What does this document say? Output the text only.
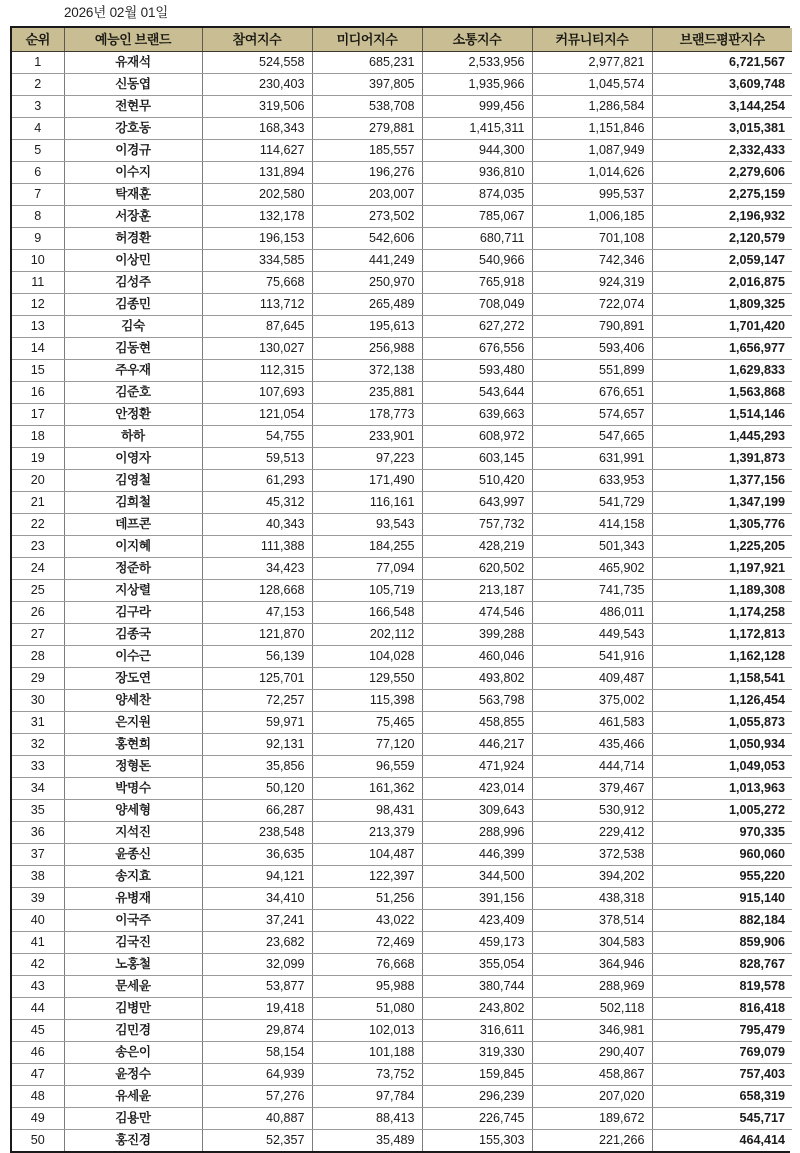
2026년 02월 01일
순위	예능인 브랜드	참여지수	미디어지수	소통지수	커뮤니티지수	브랜드평판지수
1	유재석	524,558	685,231	2,533,956	2,977,821	6,721,567
2	신동엽	230,403	397,805	1,935,966	1,045,574	3,609,748
3	전현무	319,506	538,708	999,456	1,286,584	3,144,254
4	강호동	168,343	279,881	1,415,311	1,151,846	3,015,381
5	이경규	114,627	185,557	944,300	1,087,949	2,332,433
6	이수지	131,894	196,276	936,810	1,014,626	2,279,606
7	탁재훈	202,580	203,007	874,035	995,537	2,275,159
8	서장훈	132,178	273,502	785,067	1,006,185	2,196,932
9	허경환	196,153	542,606	680,711	701,108	2,120,579
10	이상민	334,585	441,249	540,966	742,346	2,059,147
11	김성주	75,668	250,970	765,918	924,319	2,016,875
12	김종민	113,712	265,489	708,049	722,074	1,809,325
13	김숙	87,645	195,613	627,272	790,891	1,701,420
14	김동현	130,027	256,988	676,556	593,406	1,656,977
15	주우재	112,315	372,138	593,480	551,899	1,629,833
16	김준호	107,693	235,881	543,644	676,651	1,563,868
17	안정환	121,054	178,773	639,663	574,657	1,514,146
18	하하	54,755	233,901	608,972	547,665	1,445,293
19	이영자	59,513	97,223	603,145	631,991	1,391,873
20	김영철	61,293	171,490	510,420	633,953	1,377,156
21	김희철	45,312	116,161	643,997	541,729	1,347,199
22	데프콘	40,343	93,543	757,732	414,158	1,305,776
23	이지혜	111,388	184,255	428,219	501,343	1,225,205
24	정준하	34,423	77,094	620,502	465,902	1,197,921
25	지상렬	128,668	105,719	213,187	741,735	1,189,308
26	김구라	47,153	166,548	474,546	486,011	1,174,258
27	김종국	121,870	202,112	399,288	449,543	1,172,813
28	이수근	56,139	104,028	460,046	541,916	1,162,128
29	장도연	125,701	129,550	493,802	409,487	1,158,541
30	양세찬	72,257	115,398	563,798	375,002	1,126,454
31	은지원	59,971	75,465	458,855	461,583	1,055,873
32	홍현희	92,131	77,120	446,217	435,466	1,050,934
33	정형돈	35,856	96,559	471,924	444,714	1,049,053
34	박명수	50,120	161,362	423,014	379,467	1,013,963
35	양세형	66,287	98,431	309,643	530,912	1,005,272
36	지석진	238,548	213,379	288,996	229,412	970,335
37	윤종신	36,635	104,487	446,399	372,538	960,060
38	송지효	94,121	122,397	344,500	394,202	955,220
39	유병재	34,410	51,256	391,156	438,318	915,140
40	이국주	37,241	43,022	423,409	378,514	882,184
41	김국진	23,682	72,469	459,173	304,583	859,906
42	노홍철	32,099	76,668	355,054	364,946	828,767
43	문세윤	53,877	95,988	380,744	288,969	819,578
44	김병만	19,418	51,080	243,802	502,118	816,418
45	김민경	29,874	102,013	316,611	346,981	795,479
46	송은이	58,154	101,188	319,330	290,407	769,079
47	윤정수	64,939	73,752	159,845	458,867	757,403
48	유세윤	57,276	97,784	296,239	207,020	658,319
49	김용만	40,887	88,413	226,745	189,672	545,717
50	홍진경	52,357	35,489	155,303	221,266	464,414
